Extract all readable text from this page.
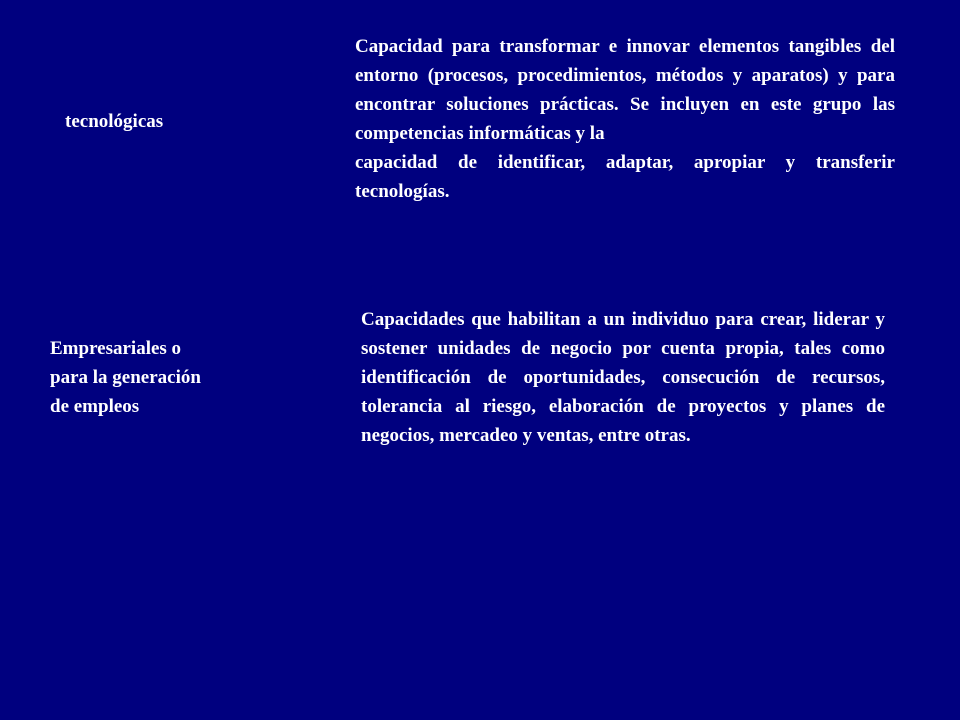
tecnológicas

Capacidad para transformar e innovar elementos tangibles del entorno (procesos, procedimientos, métodos y aparatos) y para encontrar soluciones prácticas. Se incluyen en este grupo las competencias informáticas y la

capacidad de identificar, adaptar, apropiar y transferir tecnologías.

Empresariales o
para la generación
de empleos

Capacidades que habilitan a un individuo para crear, liderar y sostener unidades de negocio por cuenta propia, tales como identificación de oportunidades, consecución de recursos, tolerancia al riesgo, elaboración de proyectos y planes de negocios, mercadeo y ventas, entre otras.
